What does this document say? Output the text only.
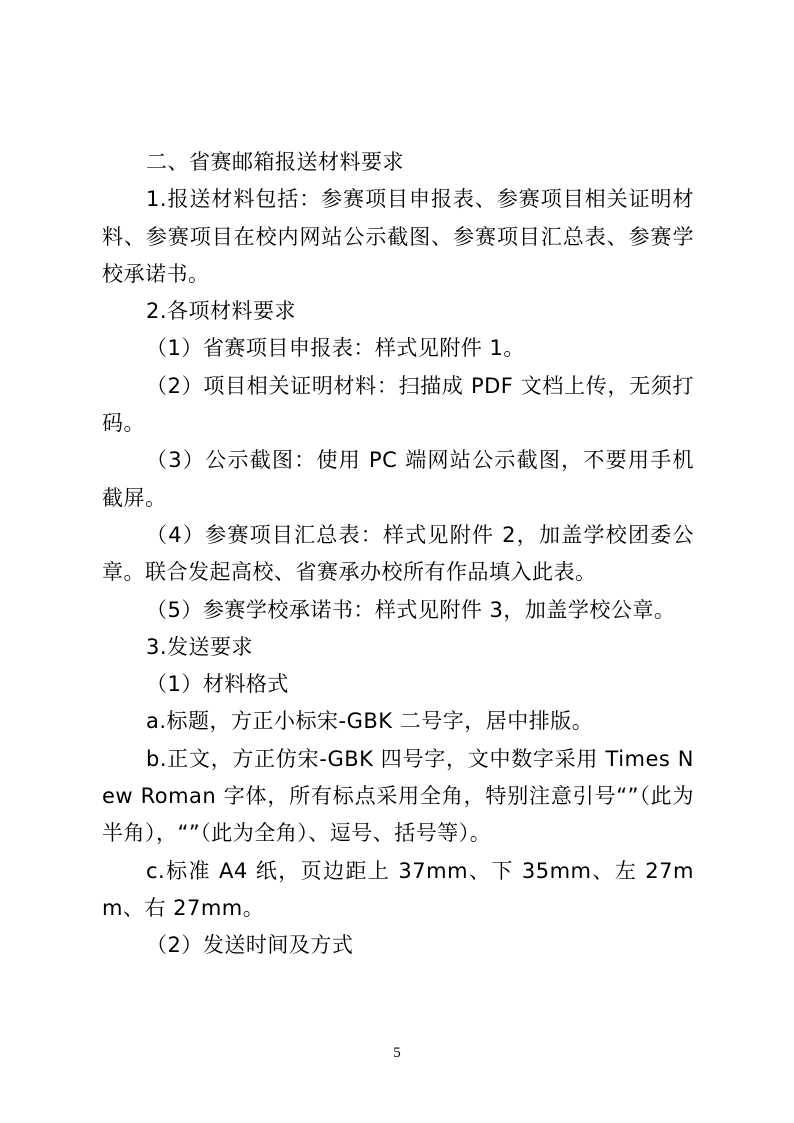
二、省赛邮箱报送材料要求

1.报送材料包括：参赛项目申报表、参赛项目相关证明材料、参赛项目在校内网站公示截图、参赛项目汇总表、参赛学校承诺书。

2.各项材料要求

（1）省赛项目申报表：样式见附件 1。

（2）项目相关证明材料：扫描成 PDF 文档上传，无须打码。

（3）公示截图：使用 PC 端网站公示截图，不要用手机截屏。

（4）参赛项目汇总表：样式见附件 2，加盖学校团委公章。联合发起高校、省赛承办校所有作品填入此表。

（5）参赛学校承诺书：样式见附件 3，加盖学校公章。

3.发送要求

（1）材料格式

a.标题，方正小标宋-GBK 二号字，居中排版。

b.正文，方正仿宋-GBK 四号字，文中数字采用 Times New Roman 字体，所有标点采用全角，特别注意引号“”（此为半角），“”（此为全角）、逗号、括号等）。

c.标准 A4 纸，页边距上 37mm、下 35mm、左 27mm、右 27mm。

（2）发送时间及方式

5
